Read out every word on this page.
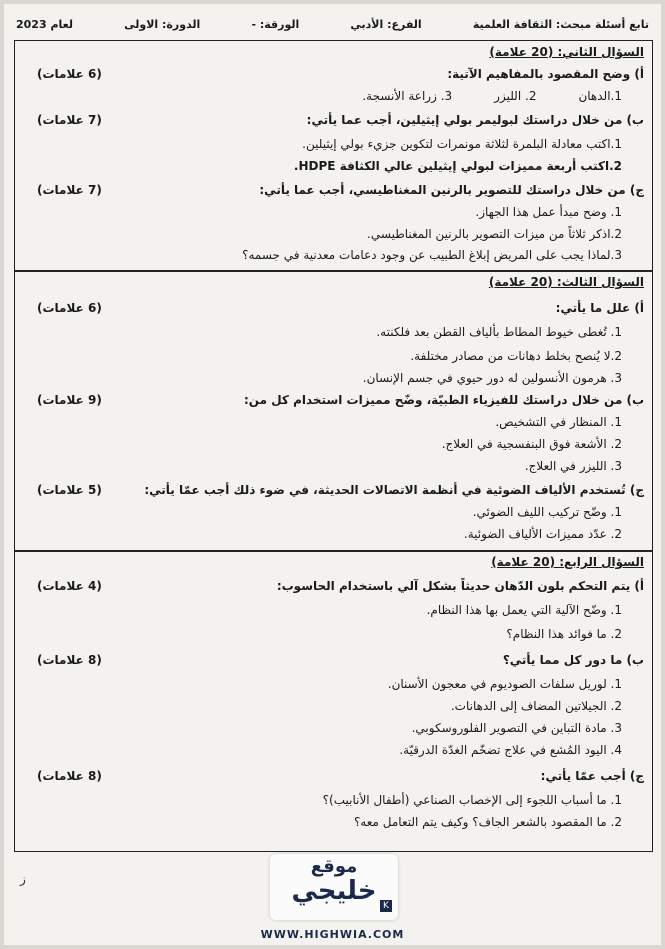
تابع أسئلة مبحث: الثقافة العلمية
الفرع: الأدبي
الورقة: -
الدورة: الاولى
لعام 2023
السؤال الثاني: (20 علامة)
أ) وضح المقصود بالمفاهيم الآتية:
(6 علامات)
1.الدهان
2. الليزر
3. زراعة الأنسجة.
ب) من خلال دراستك لبوليمر بولي إيثيلين، أجب عما يأتي:
(7 علامات)
1.اكتب معادلة البلمرة لثلاثة مونمرات لتكوين جزيء بولي إيثيلين.
2.اكتب أربعة مميزات لبولي إيثيلين عالي الكثافة HDPE.
ج) من خلال دراستك للتصوير بالرنين المغناطيسي، أجب عما يأتي:
(7 علامات)
1. وضح مبدأ عمل هذا الجهاز.
2.اذكر ثلاثاً من ميزات التصوير بالرنين المغناطيسي.
3.لماذا يجب على المريض إبلاغ الطبيب عن وجود دعامات معدنية في جسمه؟
السؤال الثالث: (20 علامة)
أ) علل ما يأتي:
(6 علامات)
1. تُغطى خيوط المطاط بألياف القطن بعد فلكنته.
2.لا يُنصح بخلط دهانات من مصادر مختلفة.
3. هرمون الأنسولين له دور حيوي في جسم الإنسان.
ب) من خلال دراستك للفيزياء الطبيّة، وضّح مميزات استخدام كل من:
(9 علامات)
1. المنظار في التشخيص.
2. الأشعة فوق البنفسجية في العلاج.
3. الليزر في العلاج.
ج) تُستخدم الألياف الضوئية في أنظمة الاتصالات الحديثة، في ضوء ذلك أجب عمّا يأتي:
(5 علامات)
1. وضّح تركيب الليف الضوئي.
2. عدّد مميزات الألياف الضوئية.
السؤال الرابع: (20 علامة)
أ) يتم التحكم بلون الدّهان حديثاً بشكل آلي باستخدام الحاسوب:
(4 علامات)
1. وضّح الآلية التي يعمل بها هذا النظام.
2. ما فوائد هذا النظام؟
ب) ما دور كل مما يأتي؟
(8 علامات)
1. لوريل سلفات الصوديوم في معجون الأسنان.
2. الجيلاتين المضاف إلى الدهانات.
3. مادة التباين في التصوير الفلوروسكوبي.
4. اليود المُشع في علاج تضخّم الغدّة الدرقيّة.
ج) أجب عمّا يأتي:
(8 علامات)
1. ما أسباب اللجوء إلى الإخصاب الصناعي (أطفال الأنابيب)؟
2. ما المقصود بالشعر الجاف؟ وكيف يتم التعامل معه؟
ز
موقع
خليجي K
WWW.HIGHWIA.COM
